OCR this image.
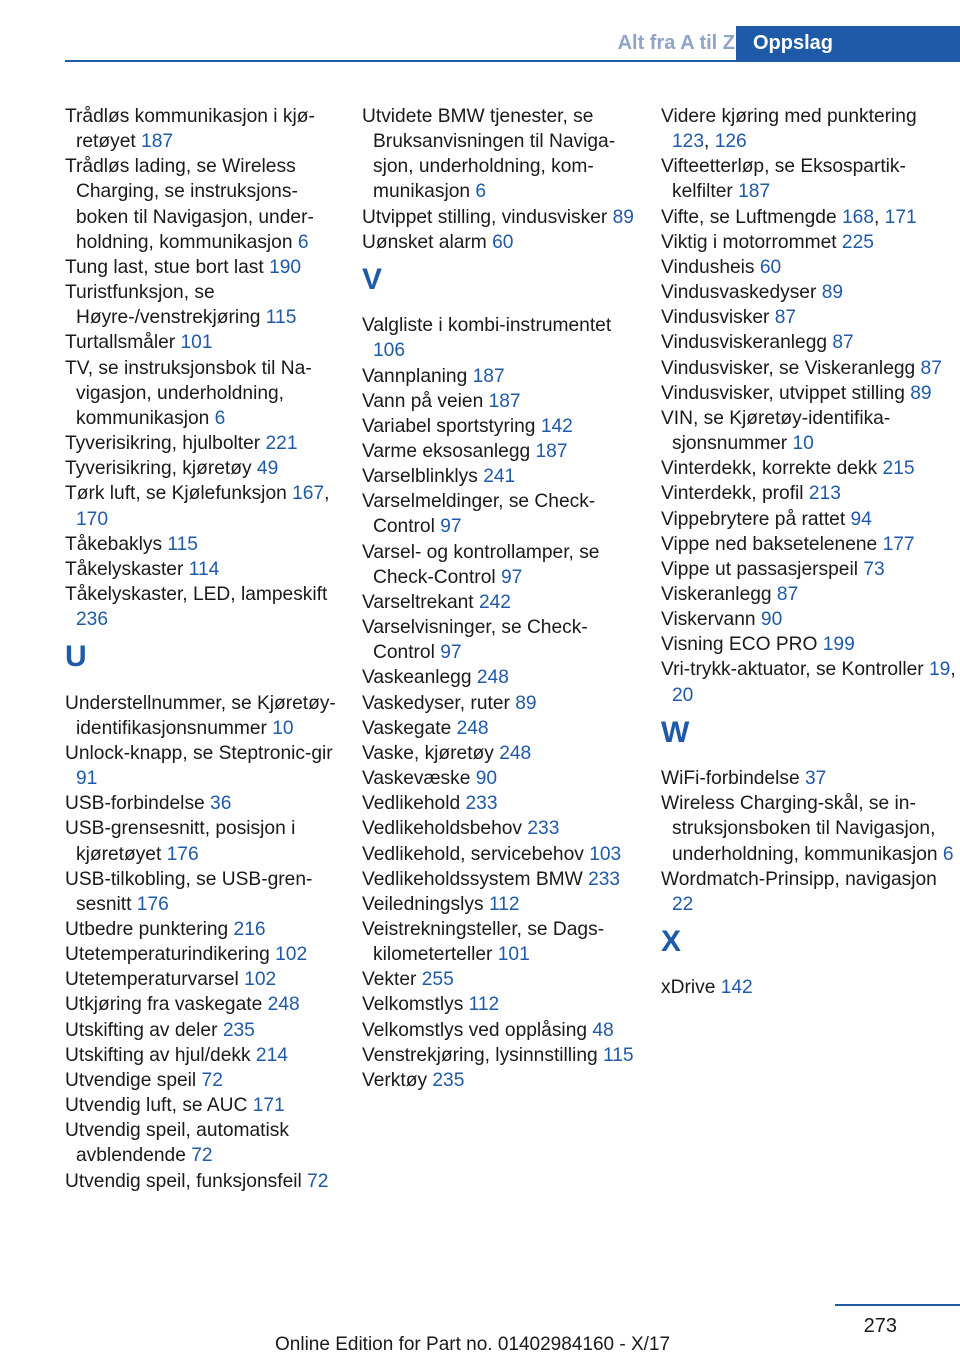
Alt fra A til Z Oppslag
Trådløs kommunikasjon i kjøretøyet 187
Trådløs lading, se Wireless Charging, se instruksjonsboken til Navigasjon, underholdning, kommunikasjon 6
Tung last, stue bort last 190
Turistfunksjon, se Høyre-/venstrekjøring 115
Turtallsmåler 101
TV, se instruksjonsbok til Navigasjon, underholdning, kommunikasjon 6
Tyverisikring, hjulbolter 221
Tyverisikring, kjøretøy 49
Tørk luft, se Kjølefunksjon 167, 170
Tåkebaklys 115
Tåkelyskaster 114
Tåkelyskaster, LED, lampeskift 236
U
Understellnummer, se Kjøretøy-identifikasjonsnummer 10
Unlock-knapp, se Steptronic-gir 91
USB-forbindelse 36
USB-grensesnitt, posisjon i kjøretøyet 176
USB-tilkobling, se USB-grensesnitt 176
Utbedre punktering 216
Utetemperaturindikering 102
Utetemperaturvarsel 102
Utkjøring fra vaskegate 248
Utskifting av deler 235
Utskifting av hjul/dekk 214
Utvendige speil 72
Utvendig luft, se AUC 171
Utvendig speil, automatisk avblendende 72
Utvendig speil, funksjonsfeil 72
Utvidete BMW tjenester, se Bruksanvisningen til Navigasjon, underholdning, kommunikasjon 6
Utvippet stilling, vindusvisker 89
Uønsket alarm 60
V
Valgliste i kombi-instrumentet 106
Vannplaning 187
Vann på veien 187
Variabel sportstyring 142
Varme eksosanlegg 187
Varselblinklys 241
Varselmeldinger, se Check-Control 97
Varsel- og kontrollamper, se Check-Control 97
Varseltrekant 242
Varselvisninger, se Check-Control 97
Vaskeanlegg 248
Vaskedyser, ruter 89
Vaskegate 248
Vaske, kjøretøy 248
Vaskevæske 90
Vedlikehold 233
Vedlikeholdsbehov 233
Vedlikehold, servicebehov 103
Vedlikeholdssystem BMW 233
Veiledningslys 112
Veistrekningsteller, se Dagskilometerteller 101
Vekter 255
Velkomstlys 112
Velkomstlys ved opplåsing 48
Venstrekjøring, lysinnstilling 115
Verktøy 235
Videre kjøring med punktering 123, 126
Vifteetterløp, se Eksospartikkelfilter 187
Vifte, se Luftmengde 168, 171
Viktig i motorrommet 225
Vindusheis 60
Vindusvaskedyser 89
Vindusvisker 87
Vindusviskeranlegg 87
Vindusvisker, se Viskeranlegg 87
Vindusvisker, utvippet stilling 89
VIN, se Kjøretøy-identifikasjonsnummer 10
Vinterdekk, korrekte dekk 215
Vinterdekk, profil 213
Vippebrytere på rattet 94
Vippe ned baksetelenene 177
Vippe ut passasjerspeil 73
Viskeranlegg 87
Viskervann 90
Visning ECO PRO 199
Vri-trykk-aktuator, se Kontroller 19, 20
W
WiFi-forbindelse 37
Wireless Charging-skål, se instruksjonsboken til Navigasjon, underholdning, kommunikasjon 6
Wordmatch-Prinsipp, navigasjon 22
X
xDrive 142
273
Online Edition for Part no. 01402984160 - X/17
